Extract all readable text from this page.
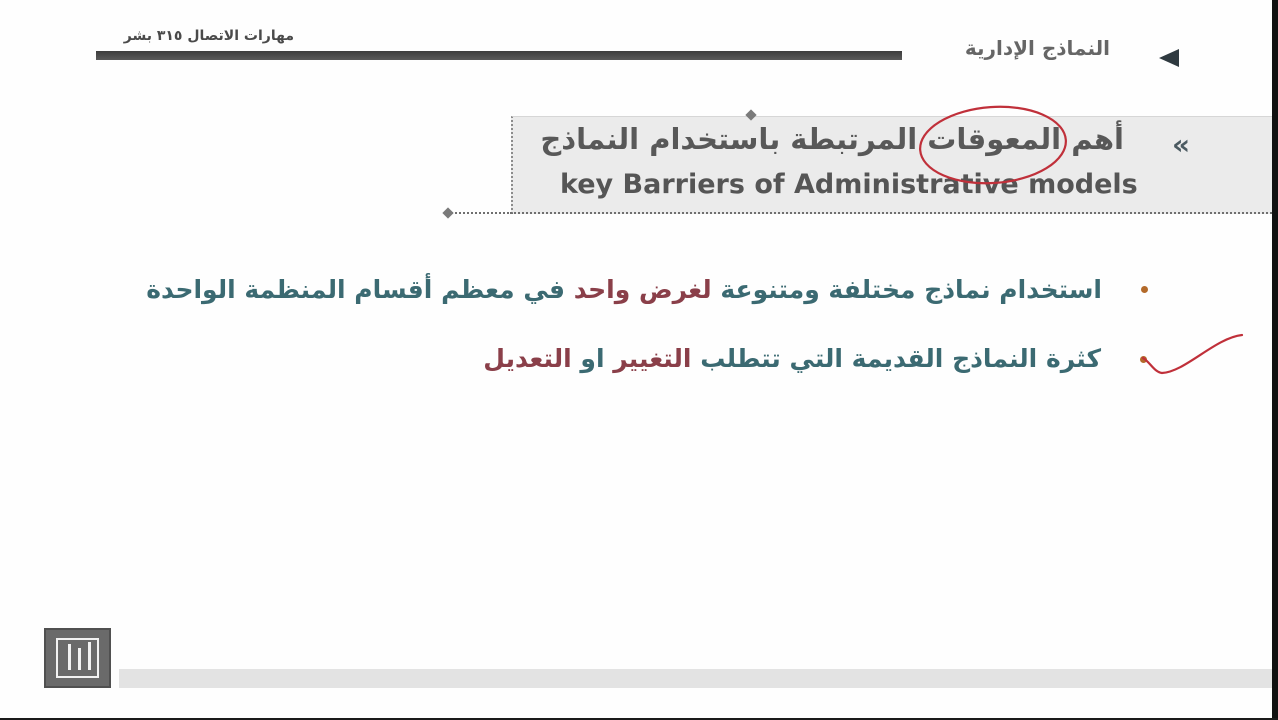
مهارات الاتصال ٣١٥ بشر	النماذج الإدارية
أهم المعوقات المرتبطة باستخدام النماذج
key Barriers of Administrative models
«
استخدام نماذج مختلفة ومتنوعة لغرض واحد في معظم أقسام المنظمة الواحدة
كثرة النماذج القديمة التي تتطلب التغيير او التعديل
